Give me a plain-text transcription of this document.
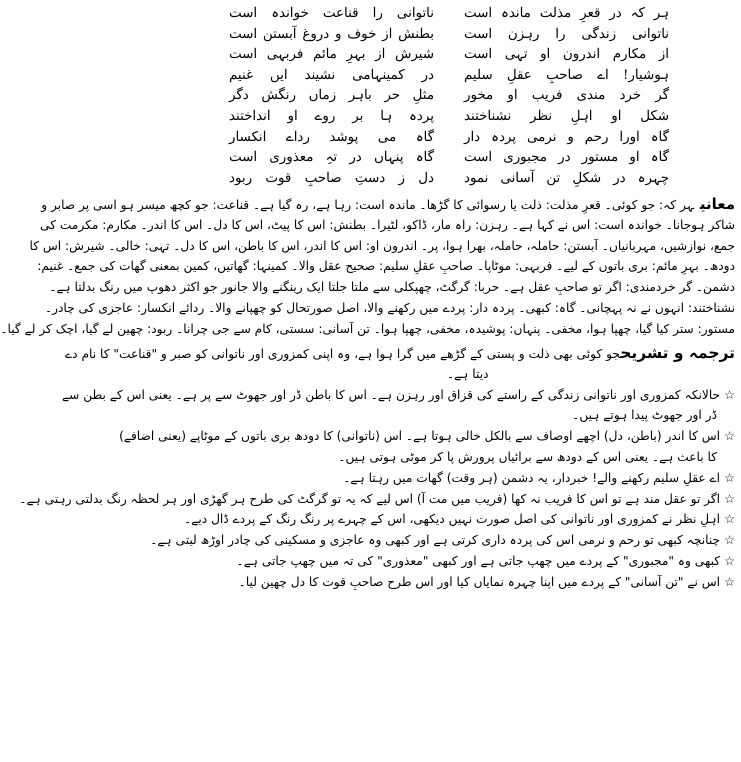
ہر کہ در قعرِ مذلت ماندہ است
ناتوانی را قناعت خواندہ است
ناتوانی زندگی را رہزن است
بطنش از خوف و دروغ آبستن است
از مکارم اندرون او تہی است
شیرش از بہرِ مائم فربہی است
ہوشیار! اے صاحبِ عقلِ سلیم
در کمینہامی نشیند ایں غنیم
گر خرد مندی فریب او مخور
مثلِ حر باہر زماں رنگش دگر
شکل او اہلِ نظر نشناختند
پردہ ہا بر روے او انداختند
گاہ اورا رحم و نرمی پردہ دار
گاہ می پوشد رداے انکسار
گاہ او مستور در مجبوری است
گاہ پنہاں در تہِ معذوری است
چہرہ در شکلِ تن آسانی نمود
دل ز دستِ صاحبِ قوت ربود
معانیہر کہ: جو کوئی۔ قعرِ مذلت: ذلت یا رسوائی کا گڑھا۔ ماندہ است: رہا ہے، رہ گیا ہے۔ قناعت: جو کچھ میسر ہو اسی پر صابر و
شاکر ہوجانا۔ خواندہ است: اس نے کہا ہے۔ رہزن: راہ مار، ڈاکو، لٹیرا۔ بطنش: اس کا پیٹ، اس کا دل۔ اس کا اندر۔ مکارم: مکرمت کی
جمع، نوازشیں، مہربانیاں۔ آبستن: حاملہ، حاملہ، بھرا ہوا، پر۔ اندرون او: اس کا اندر، اس کا باطن، اس کا دل۔ تہی: خالی۔ شیرش: اس کا
دودھ۔ بہرِ مائم: بری باتوں کے لیے۔ فربہی: موٹاپا۔ صاحبِ عقلِ سلیم: صحیح عقل والا۔ کمینہا: گھاتیں، کمین بمعنی گھات کی جمع۔ غنیم:
دشمن۔ گر خردمندی: اگر تو صاحبِ عقل ہے۔ حربا: گرگٹ، چھپکلی سے ملتا جلتا ایک رینگنے والا جانور جو اکثر دھوپ میں رنگ بدلتا ہے۔
نشناختند: انہوں نے نہ پہچانی۔ گاہ: کبھی۔ پردہ دار: پردے میں رکھنے والا، اصل صورتحال کو چھپانے والا۔ ردائے انکسار: عاجزی کی چادر۔
مستور: ستر کیا گیا، چھپا ہوا، مخفی۔ پنہاں: پوشیدہ، مخفی، چھپا ہوا۔ تن آسانی: سستی، کام سے جی چرانا۔ ربود: چھین لے گیا، اچک کر لے گیا۔
ترجمہ و تشریحجو کوئی بھی ذلت و پستی کے گڑھے میں گرا ہوا ہے، وہ اپنی کمزوری اور ناتوانی کو صبر و "قناعت" کا نام دے
دیتا ہے۔
☆حالانکہ کمزوری اور ناتوانی زندگی کے راستے کی قزاق اور رہزن ہے۔ اس کا باطن ڈر اور جھوٹ سے پر ہے۔ یعنی اس کے بطن سے
ڈر اور جھوٹ پیدا ہوتے ہیں۔
☆اس کا اندر (باطن، دل) اچھے اوصاف سے بالکل خالی ہوتا ہے۔ اس (ناتوانی) کا دودھ بری باتوں کے موٹاپے (یعنی اضافے)
کا باعث ہے۔ یعنی اس کے دودھ سے برائیاں پرورش پا کر موٹی ہوتی ہیں۔
☆اے عقلِ سلیم رکھنے والے! خبردار، یہ دشمن (ہر وقت) گھات میں رہتا ہے۔
☆اگر تو عقل مند ہے تو اس کا فریب نہ کھا (فریب میں مت آ) اس لیے کہ یہ تو گرگٹ کی طرح ہر گھڑی اور ہر لحظہ رنگ بدلتی رہتی ہے۔
☆اہلِ نظر نے کمزوری اور ناتوانی کی اصل صورت نہیں دیکھی، اس کے چہرے پر رنگ رنگ کے پردے ڈال دیے۔
☆چنانچہ کبھی تو رحم و نرمی اس کی پردہ داری کرتی ہے اور کبھی وہ عاجزی و مسکینی کی چادر اوڑھ لیتی ہے۔
☆کبھی وہ "مجبوری" کے پردے میں چھپ جاتی ہے اور کبھی "معذوری" کی تہ میں چھپ جاتی ہے۔
☆اس نے "تن آسانی" کے پردے میں اپنا چہرہ نمایاں کیا اور اس طرح صاحبِ قوت کا دل چھین لیا۔
